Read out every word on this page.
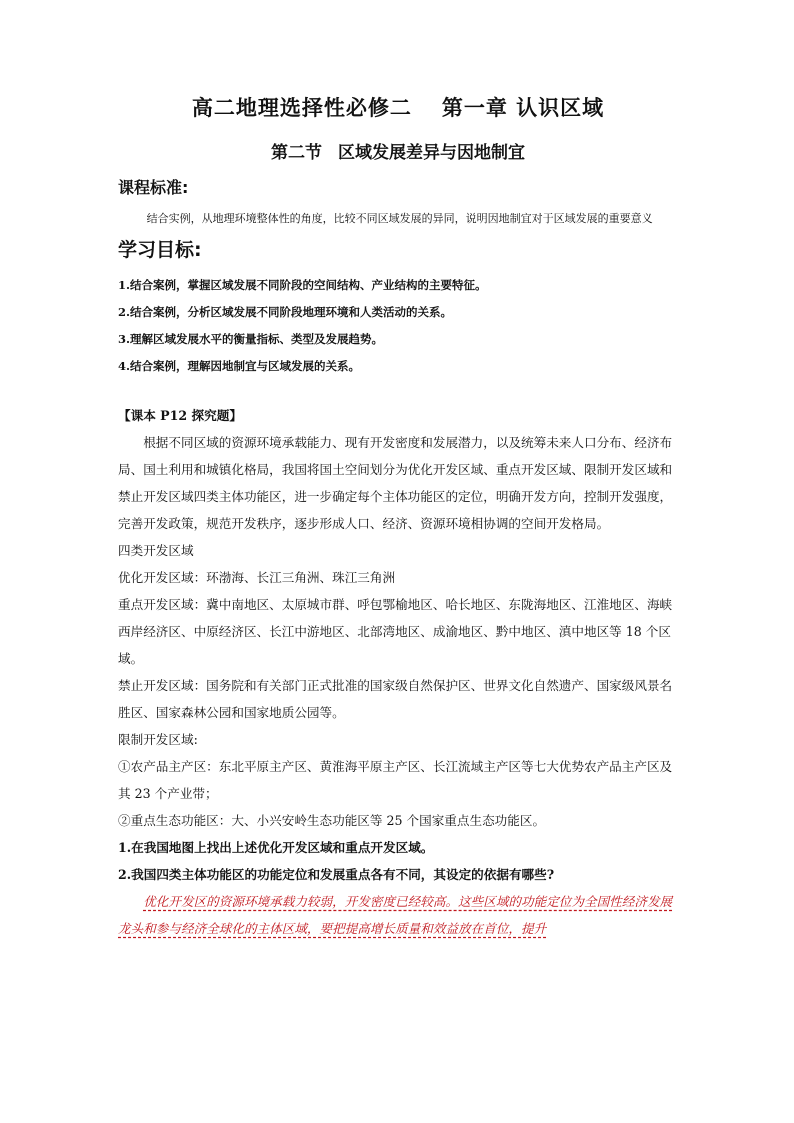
高二地理选择性必修二 第一章 认识区域
第二节 区域发展差异与因地制宜
课程标准:

结合实例，从地理环境整体性的角度，比较不同区域发展的异同，说明因地制宜对于区域发展的重要意义

学习目标:

1.结合案例，掌握区域发展不同阶段的空间结构、产业结构的主要特征。

2.结合案例，分析区域发展不同阶段地理环境和人类活动的关系。

3.理解区域发展水平的衡量指标、类型及发展趋势。

4.结合案例，理解因地制宜与区域发展的关系。

【课本 P12 探究题】

根据不同区域的资源环境承载能力、现有开发密度和发展潜力，以及统筹未来人口分布、经济布局、国土利用和城镇化格局，我国将国土空间划分为优化开发区域、重点开发区域、限制开发区域和禁止开发区域四类主体功能区，进一步确定每个主体功能区的定位，明确开发方向，控制开发强度，完善开发政策，规范开发秩序，逐步形成人口、经济、资源环境相协调的空间开发格局。

四类开发区域

优化开发区域：环渤海、长江三角洲、珠江三角洲

重点开发区域：冀中南地区、太原城市群、呼包鄂榆地区、哈长地区、东陇海地区、江淮地区、海峡西岸经济区、中原经济区、长江中游地区、北部湾地区、成渝地区、黔中地区、滇中地区等 18 个区域。

禁止开发区域：国务院和有关部门正式批准的国家级自然保护区、世界文化自然遗产、国家级风景名胜区、国家森林公园和国家地质公园等。

限制开发区域:

①农产品主产区：东北平原主产区、黄淮海平原主产区、长江流域主产区等七大优势农产品主产区及其 23 个产业带；

②重点生态功能区：大、小兴安岭生态功能区等 25 个国家重点生态功能区。

1.在我国地图上找出上述优化开发区域和重点开发区域。

2.我国四类主体功能区的功能定位和发展重点各有不同，其设定的依据有哪些?

优化开发区的资源环境承载力较弱，开发密度已经较高。这些区域的功能定位为全国性经济发展龙头和参与经济全球化的主体区域，要把提高增长质量和效益放在首位，提升
